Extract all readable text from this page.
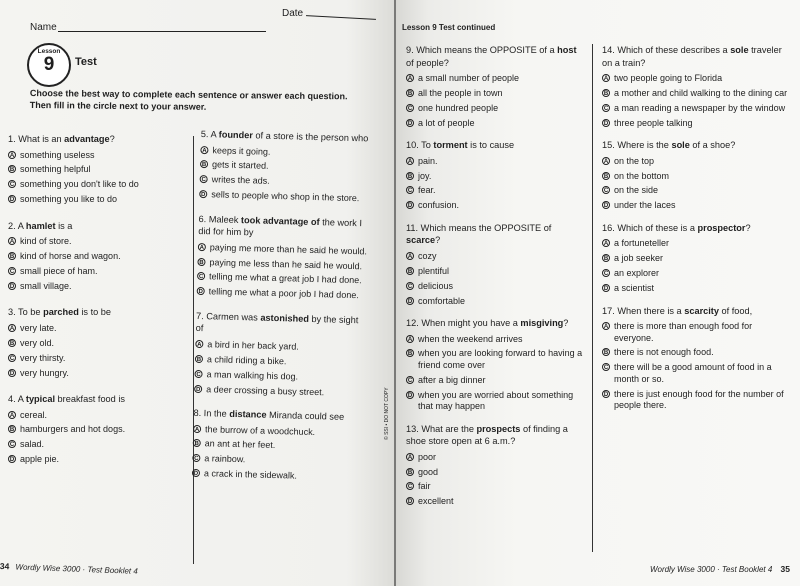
Name
Date
Lesson
9	Test
Choose the best way to complete each sentence or answer each question. Then fill in the circle next to your answer.
1. What is an advantage?
A something useless
B something helpful
C something you don't like to do
D something you like to do
2. A hamlet is a
A kind of store.
B kind of horse and wagon.
C small piece of ham.
D small village.
3. To be parched is to be
A very late.
B very old.
C very thirsty.
D very hungry.
4. A typical breakfast food is
A cereal.
B hamburgers and hot dogs.
C salad.
D apple pie.
5. A founder of a store is the person who
A keeps it going.
B gets it started.
C writes the ads.
D sells to people who shop in the store.
6. Maleek took advantage of the work I did for him by
A paying me more than he said he would.
B paying me less than he said he would.
C telling me what a great job I had done.
D telling me what a poor job I had done.
7. Carmen was astonished by the sight of
A a bird in her back yard.
B a child riding a bike.
C a man walking his dog.
D a deer crossing a busy street.
8. In the distance Miranda could see
A the burrow of a woodchuck.
B an ant at her feet.
C a rainbow.
D a crack in the sidewalk.
34 Wordly Wise 3000 · Test Booklet 4
Lesson 9 Test continued
© SSI • DO NOT COPY
9. Which means the OPPOSITE of a host of people?
A a small number of people
B all the people in town
C one hundred people
D a lot of people
10. To torment is to cause
A pain.
B joy.
C fear.
D confusion.
11. Which means the OPPOSITE of scarce?
A cozy
B plentiful
C delicious
D comfortable
12. When might you have a misgiving?
A when the weekend arrives
B when you are looking forward to having a friend come over
C after a big dinner
D when you are worried about something that may happen
13. What are the prospects of finding a shoe store open at 6 a.m.?
A poor
B good
C fair
D excellent
14. Which of these describes a sole traveler on a train?
A two people going to Florida
B a mother and child walking to the dining car
C a man reading a newspaper by the window
D three people talking
15. Where is the sole of a shoe?
A on the top
B on the bottom
C on the side
D under the laces
16. Which of these is a prospector?
A a fortuneteller
B a job seeker
C an explorer
D a scientist
17. When there is a scarcity of food,
A there is more than enough food for everyone.
B there is not enough food.
C there will be a good amount of food in a month or so.
D there is just enough food for the number of people there.
Wordly Wise 3000 · Test Booklet 4 35
